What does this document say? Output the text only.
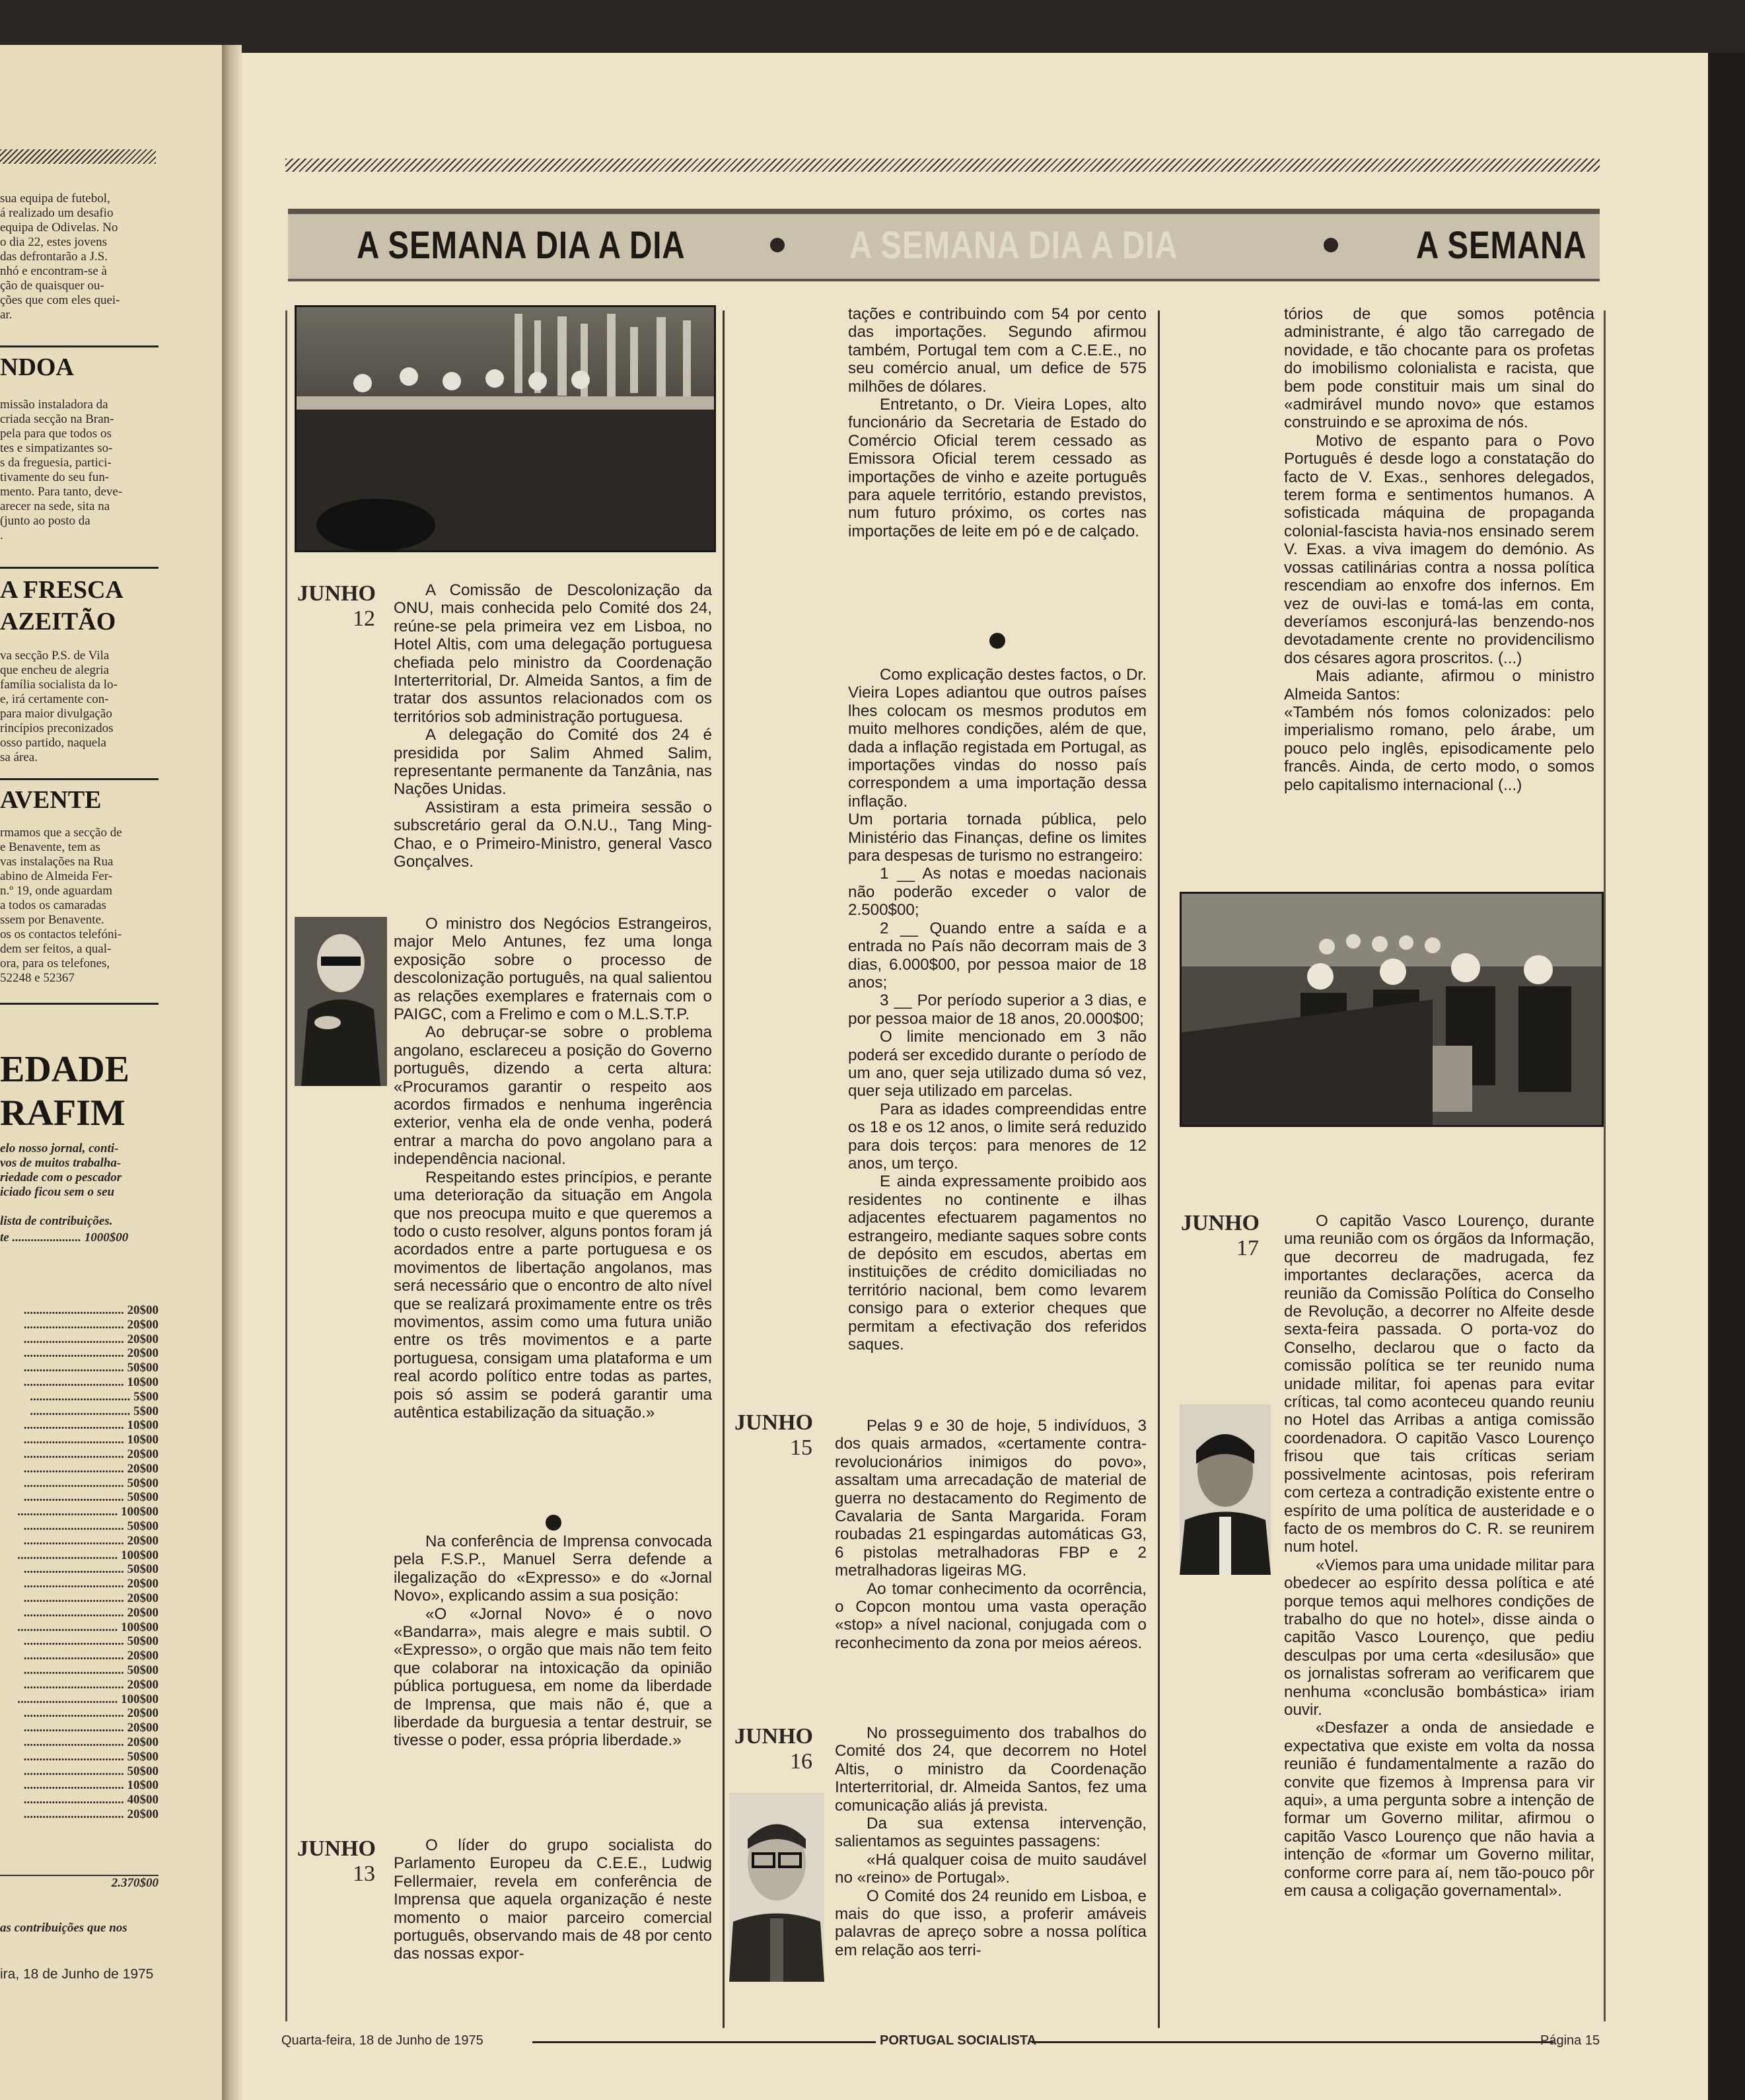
sua equipa de futebol,
á realizado um desafio
equipa de Odivelas. No
o dia 22, estes jovens
das defrontarão a J.S.
nhó e encontram-se à
ção de quaisquer ou-
ções que com eles quei-
ar.
NDOA
missão instaladora da
criada secção na Bran-
pela para que todos os
tes e simpatizantes so-
s da freguesia, partici-
tivamente do seu fun-
mento. Para tanto, deve-
arecer na sede, sita na
(junto ao posto da
.
A FRESCA
AZEITÃO
va secção P.S. de Vila
que encheu de alegria
família socialista da lo-
e, irá certamente con-
para maior divulgação
rincípios preconizados
osso partido, naquela
sa área.
AVENTE
rmamos que a secção de
e Benavente, tem as
vas instalações na Rua
abino de Almeida Fer-
n.º 19, onde aguardam
a todos os camaradas
ssem por Benavente.
os os contactos telefóni-
dem ser feitos, a qual-
ora, para os telefones,
52248 e 52367
EDADE
RAFIM
elo nosso jornal, conti-
vos de muitos trabalha-
riedade com o pescador
iciado ficou sem o seu
lista de contribuições.
te ...................... 1000$00
................................ 20$00
................................ 20$00
................................ 20$00
................................ 20$00
................................ 50$00
................................ 10$00
................................ 5$00
................................ 5$00
................................ 10$00
................................ 10$00
................................ 20$00
................................ 20$00
................................ 50$00
................................ 50$00
................................ 100$00
................................ 50$00
................................ 20$00
................................ 100$00
................................ 50$00
................................ 20$00
................................ 20$00
................................ 20$00
................................ 100$00
................................ 50$00
................................ 20$00
................................ 50$00
................................ 20$00
................................ 100$00
................................ 20$00
................................ 20$00
................................ 20$00
................................ 50$00
................................ 50$00
................................ 10$00
................................ 40$00
................................ 20$00
2.370$00
as contribuições que nos
ira, 18 de Junho de 1975
A SEMANA DIA A DIA	A SEMANA DIA A DIA	A SEMANA
JUNHO
12
JUNHO
13
JUNHO
15
JUNHO
16
JUNHO
17

A Comissão de Descolonização da ONU, mais conhecida pelo Comité dos 24, reúne-se pela primeira vez em Lisboa, no Hotel Altis, com uma delegação portuguesa chefiada pelo ministro da Coordenação Interterritorial, Dr. Almeida Santos, a fim de tratar dos assuntos relacionados com os territórios sob administração portuguesa.

A delegação do Comité dos 24 é presidida por Salim Ahmed Salim, representante permanente da Tanzânia, nas Nações Unidas.

Assistiram a esta primeira sessão o subscretário geral da O.N.U., Tang Ming-Chao, e o Primeiro-Ministro, general Vasco Gonçalves.

O ministro dos Negócios Estrangeiros, major Melo Antunes, fez uma longa exposição sobre o processo de descolonização português, na qual salientou as relações exemplares e fraternais com o PAIGC, com a Frelimo e com o M.L.S.T.P.

Ao debruçar-se sobre o problema angolano, esclareceu a posição do Governo português, dizendo a certa altura: «Procuramos garantir o respeito aos acordos firmados e nenhuma ingerência exterior, venha ela de onde venha, poderá entrar a marcha do povo angolano para a independência nacional.

Respeitando estes princípios, e perante uma deterioração da situação em Angola que nos preocupa muito e que queremos a todo o custo resolver, alguns pontos foram já acordados entre a parte portuguesa e os movimentos de libertação angolanos, mas será necessário que o encontro de alto nível que se realizará proximamente entre os três movimentos, assim como uma futura união entre os três movimentos e a parte portuguesa, consigam uma plataforma e um real acordo político entre todas as partes, pois só assim se poderá garantir uma autêntica estabilização da situação.»

Na conferência de Imprensa convocada pela F.S.P., Manuel Serra defende a ilegalização do «Expresso» e do «Jornal Novo», explicando assim a sua posição:

«O «Jornal Novo» é o novo «Bandarra», mais alegre e mais subtil. O «Expresso», o orgão que mais não tem feito que colaborar na intoxicação da opinião pública portuguesa, em nome da liberdade de Imprensa, que mais não é, que a liberdade da burguesia a tentar destruir, se tivesse o poder, essa própria liberdade.»

O líder do grupo socialista do Parlamento Europeu da C.E.E., Ludwig Fellermaier, revela em conferência de Imprensa que aquela organização é neste momento o maior parceiro comercial português, observando mais de 48 por cento das nossas expor-

tações e contribuindo com 54 por cento das importações. Segundo afirmou também, Portugal tem com a C.E.E., no seu comércio anual, um defice de 575 milhões de dólares.

Entretanto, o Dr. Vieira Lopes, alto funcionário da Secretaria de Estado do Comércio Oficial terem cessado as Emissora Oficial terem cessado as importações de vinho e azeite português para aquele território, estando previstos, num futuro próximo, os cortes nas importações de leite em pó e de calçado.

Como explicação destes factos, o Dr. Vieira Lopes adiantou que outros países lhes colocam os mesmos produtos em muito melhores condições, além de que, dada a inflação registada em Portugal, as importações vindas do nosso país correspondem a uma importação dessa inflação.

Um portaria tornada pública, pelo Ministério das Finanças, define os limites para despesas de turismo no estrangeiro:

1 __ As notas e moedas nacionais não poderão exceder o valor de 2.500$00;

2 __ Quando entre a saída e a entrada no País não decorram mais de 3 dias, 6.000$00, por pessoa maior de 18 anos;

3 __ Por período superior a 3 dias, e por pessoa maior de 18 anos, 20.000$00;

O limite mencionado em 3 não poderá ser excedido durante o período de um ano, quer seja utilizado duma só vez, quer seja utilizado em parcelas.

Para as idades compreendidas entre os 18 e os 12 anos, o limite será reduzido para dois terços: para menores de 12 anos, um terço.

E ainda expressamente proibido aos residentes no continente e ilhas adjacentes efectuarem pagamentos no estrangeiro, mediante saques sobre conts de depósito em escudos, abertas em instituições de crédito domiciliadas no território nacional, bem como levarem consigo para o exterior cheques que permitam a efectivação dos referidos saques.

Pelas 9 e 30 de hoje, 5 indivíduos, 3 dos quais armados, «certamente contra-revolucionários inimigos do povo», assaltam uma arrecadação de material de guerra no destacamento do Regimento de Cavalaria de Santa Margarida. Foram roubadas 21 espingardas automáticas G3, 6 pistolas metralhadoras FBP e 2 metralhadoras ligeiras MG.

Ao tomar conhecimento da ocorrência, o Copcon montou uma vasta operação «stop» a nível nacional, conjugada com o reconhecimento da zona por meios aéreos.

No prosseguimento dos trabalhos do Comité dos 24, que decorrem no Hotel Altis, o ministro da Coordenação Interterritorial, dr. Almeida Santos, fez uma comunicação aliás já prevista.

Da sua extensa intervenção, salientamos as seguintes passagens:

«Há qualquer coisa de muito saudável no «reino» de Portugal».

O Comité dos 24 reunido em Lisboa, e mais do que isso, a proferir amáveis palavras de apreço sobre a nossa política em relação aos terri-

tórios de que somos potência administrante, é algo tão carregado de novidade, e tão chocante para os profetas do imobilismo colonialista e racista, que bem pode constituir mais um sinal do «admirável mundo novo» que estamos construindo e se aproxima de nós.

Motivo de espanto para o Povo Português é desde logo a constatação do facto de V. Exas., senhores delegados, terem forma e sentimentos humanos. A sofisticada máquina de propaganda colonial-fascista havia-nos ensinado serem V. Exas. a viva imagem do demónio. As vossas catilinárias contra a nossa política rescendiam ao enxofre dos infernos. Em vez de ouvi-las e tomá-las em conta, deveríamos esconjurá-las benzendo-nos devotadamente crente no providencilismo dos césares agora proscritos. (...)

Mais adiante, afirmou o ministro Almeida Santos:

«Também nós fomos colonizados: pelo imperialismo romano, pelo árabe, um pouco pelo inglês, episodicamente pelo francês. Ainda, de certo modo, o somos pelo capitalismo internacional (...)

O capitão Vasco Lourenço, durante uma reunião com os órgãos da Informação, que decorreu de madrugada, fez importantes declarações, acerca da reunião da Comissão Política do Conselho de Revolução, a decorrer no Alfeite desde sexta-feira passada. O porta-voz do Conselho, declarou que o facto da comissão política se ter reunido numa unidade militar, foi apenas para evitar críticas, tal como aconteceu quando reuniu no Hotel das Arribas a antiga comissão coordenadora. O capitão Vasco Lourenço frisou que tais críticas seriam possivelmente acintosas, pois referiram com certeza a contradição existente entre o espírito de uma política de austeridade e o facto de os membros do C. R. se reunirem num hotel.

«Viemos para uma unidade militar para obedecer ao espírito dessa política e até porque temos aqui melhores condições de trabalho do que no hotel», disse ainda o capitão Vasco Lourenço, que pediu desculpas por uma certa «desilusão» que os jornalistas sofreram ao verificarem que nenhuma «conclusão bombástica» iriam ouvir.

«Desfazer a onda de ansiedade e expectativa que existe em volta da nossa reunião é fundamentalmente a razão do convite que fizemos à Imprensa para vir aqui», a uma pergunta sobre a intenção de formar um Governo militar, afirmou o capitão Vasco Lourenço que não havia a intenção de «formar um Governo militar, conforme corre para aí, nem tão-pouco pôr em causa a coligação governamental».

Quarta-feira, 18 de Junho de 1975	PORTUGAL SOCIALISTA	Página 15
